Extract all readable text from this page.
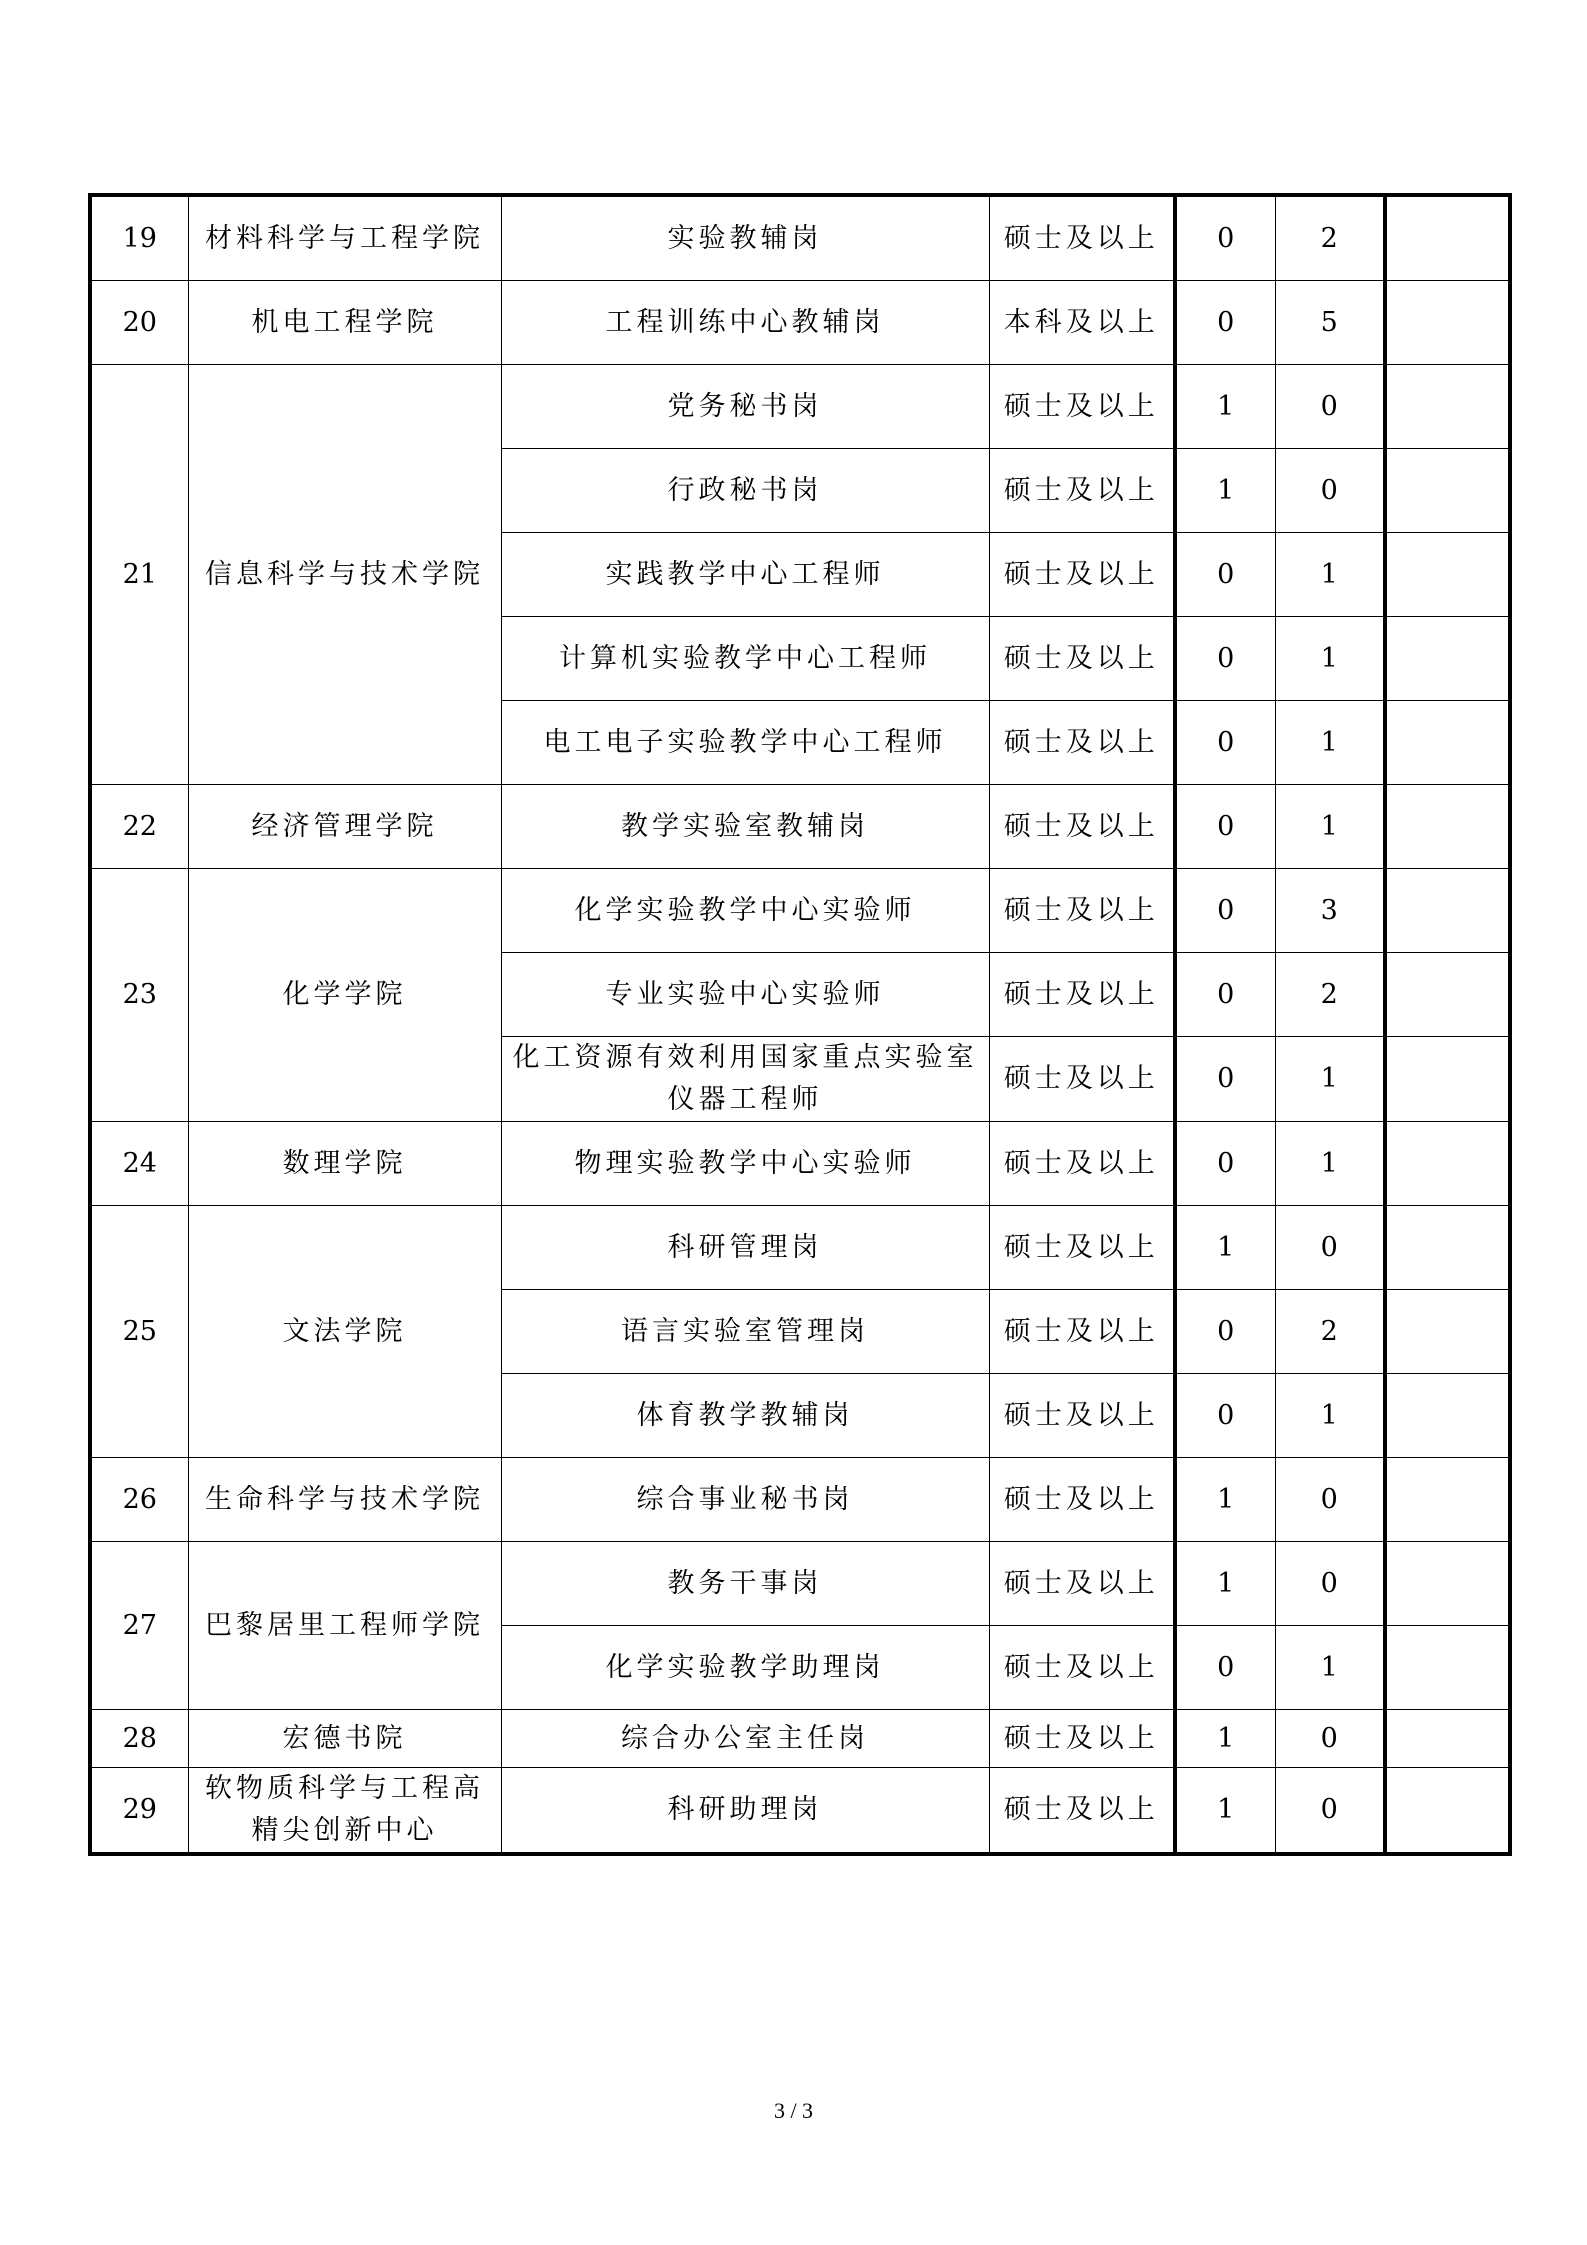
19	材料科学与工程学院	实验教辅岗	硕士及以上	0	2	
20	机电工程学院	工程训练中心教辅岗	本科及以上	0	5	
21	信息科学与技术学院	党务秘书岗	硕士及以上	1	0	
		行政秘书岗	硕士及以上	1	0	
		实践教学中心工程师	硕士及以上	0	1	
		计算机实验教学中心工程师	硕士及以上	0	1	
		电工电子实验教学中心工程师	硕士及以上	0	1	
22	经济管理学院	教学实验室教辅岗	硕士及以上	0	1	
23	化学学院	化学实验教学中心实验师	硕士及以上	0	3	
		专业实验中心实验师	硕士及以上	0	2	
		化工资源有效利用国家重点实验室仪器工程师	硕士及以上	0	1	
24	数理学院	物理实验教学中心实验师	硕士及以上	0	1	
25	文法学院	科研管理岗	硕士及以上	1	0	
		语言实验室管理岗	硕士及以上	0	2	
		体育教学教辅岗	硕士及以上	0	1	
26	生命科学与技术学院	综合事业秘书岗	硕士及以上	1	0	
27	巴黎居里工程师学院	教务干事岗	硕士及以上	1	0	
		化学实验教学助理岗	硕士及以上	0	1	
28	宏德书院	综合办公室主任岗	硕士及以上	1	0	
29	软物质科学与工程高精尖创新中心	科研助理岗	硕士及以上	1	0	
3 / 3
